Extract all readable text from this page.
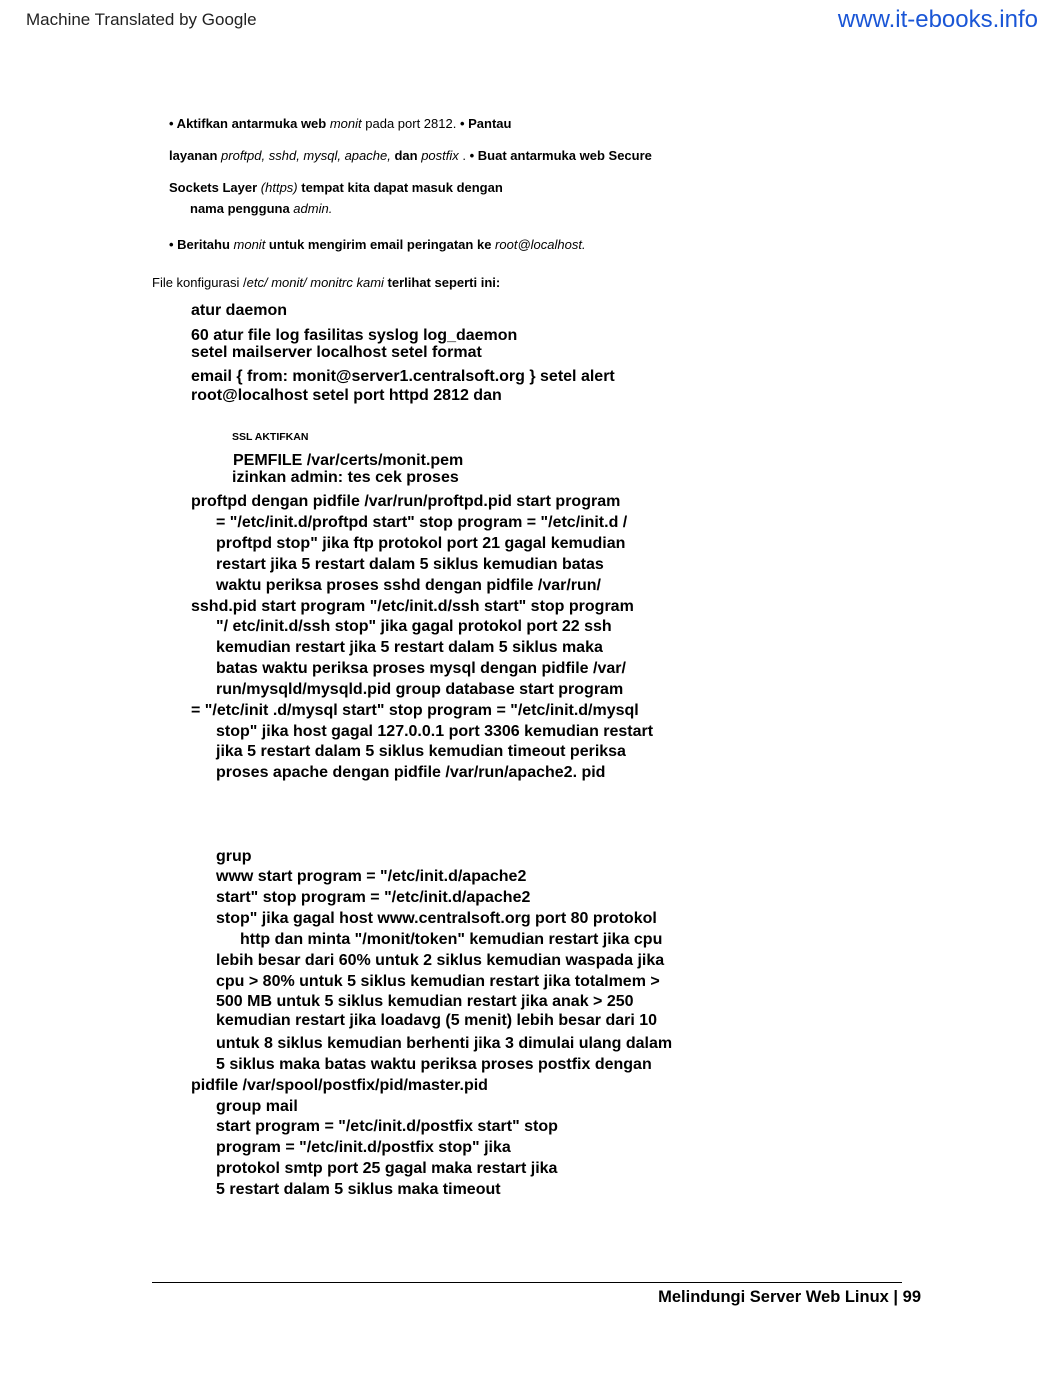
Machine Translated by Google	www.it-ebooks.info
• Aktifkan antarmuka web monit pada port 2812. • Pantau
layanan proftpd, sshd, mysql, apache, dan postfix . • Buat antarmuka web Secure
Sockets Layer (https) tempat kita dapat masuk dengan
nama pengguna admin.
• Beritahu monit untuk mengirim email peringatan ke root@localhost.
File konfigurasi /etc/ monit/ monitrc kami terlihat seperti ini:
atur daemon
60 atur file log fasilitas syslog log_daemon
setel mailserver localhost setel format
email { from: monit@server1.centralsoft.org } setel alert
root@localhost setel port httpd 2812 dan
SSL AKTIFKAN
PEMFILE /var/certs/monit.pem
izinkan admin: tes cek proses
proftpd dengan pidfile /var/run/proftpd.pid start program
= "/etc/init.d/proftpd start" stop program = "/etc/init.d /
proftpd stop" jika ftp protokol port 21 gagal kemudian
restart jika 5 restart dalam 5 siklus kemudian batas
waktu periksa proses sshd dengan pidfile /var/run/
sshd.pid start program "/etc/init.d/ssh start" stop program
"/ etc/init.d/ssh stop" jika gagal protokol port 22 ssh
kemudian restart jika 5 restart dalam 5 siklus maka
batas waktu periksa proses mysql dengan pidfile /var/
run/mysqld/mysqld.pid group database start program
= "/etc/init .d/mysql start" stop program = "/etc/init.d/mysql
stop" jika host gagal 127.0.0.1 port 3306 kemudian restart
jika 5 restart dalam 5 siklus kemudian timeout periksa
proses apache dengan pidfile /var/run/apache2. pid
grup
www start program = "/etc/init.d/apache2
start" stop program = "/etc/init.d/apache2
stop" jika gagal host www.centralsoft.org port 80 protokol
http dan minta "/monit/token" kemudian restart jika cpu
lebih besar dari 60% untuk 2 siklus kemudian waspada jika
cpu > 80% untuk 5 siklus kemudian restart jika totalmem >
500 MB untuk 5 siklus kemudian restart jika anak > 250
kemudian restart jika loadavg (5 menit) lebih besar dari 10
untuk 8 siklus kemudian berhenti jika 3 dimulai ulang dalam
5 siklus maka batas waktu periksa proses postfix dengan
pidfile /var/spool/postfix/pid/master.pid
group mail
start program = "/etc/init.d/postfix start" stop
program = "/etc/init.d/postfix stop" jika
protokol smtp port 25 gagal maka restart jika
5 restart dalam 5 siklus maka timeout
Melindungi Server Web Linux | 99
